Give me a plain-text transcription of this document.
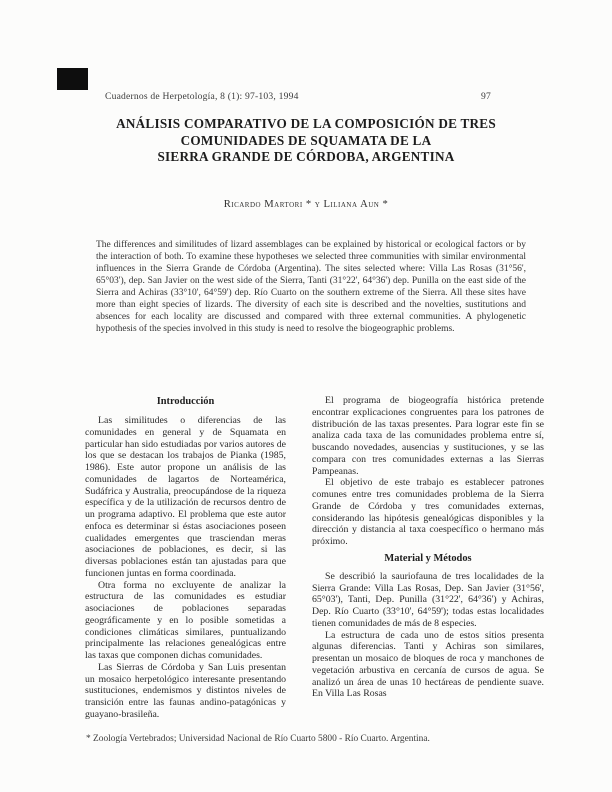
Cuadernos de Herpetología, 8 (1): 97-103, 1994	97
ANÁLISIS COMPARATIVO DE LA COMPOSICIÓN DE TRES
COMUNIDADES DE SQUAMATA DE LA
SIERRA GRANDE DE CÓRDOBA, ARGENTINA
Ricardo Martori * y Liliana Aun *
The differences and similitudes of lizard assemblages can be explained by historical or ecological factors or by the interaction of both. To examine these hypotheses we selected three communities with similar environmental influences in the Sierra Grande de Córdoba (Argentina). The sites selected where: Villa Las Rosas (31°56', 65°03'), dep. San Javier on the west side of the Sierra, Tanti (31°22', 64°36') dep. Punilla on the east side of the Sierra and Achiras (33°10', 64°59') dep. Río Cuarto on the southern extreme of the Sierra. All these sites have more than eight species of lizards. The diversity of each site is described and the novelties, sustitutions and absences for each locality are discussed and compared with three external communities. A phylogenetic hypothesis of the species involved in this study is need to resolve the biogeographic problems.
Introducción

Las similitudes o diferencias de las comunidades en general y de Squamata en particular han sido estudiadas por varios autores de los que se destacan los trabajos de Pianka (1985, 1986). Este autor propone un análisis de las comunidades de lagartos de Norteamérica, Sudáfrica y Australia, preocupándose de la riqueza específica y de la utilización de recursos dentro de un programa adaptivo. El problema que este autor enfoca es determinar si éstas asociaciones poseen cualidades emergentes que trasciendan meras asociaciones de poblaciones, es decir, si las diversas poblaciones están tan ajustadas para que funcionen juntas en forma coordinada.

Otra forma no excluyente de analizar la estructura de las comunidades es estudiar asociaciones de poblaciones separadas geográficamente y en lo posible sometidas a condiciones climáticas similares, puntualizando principalmente las relaciones genealógicas entre las taxas que componen dichas comunidades.

Las Sierras de Córdoba y San Luis presentan un mosaico herpetológico interesante presentando sustituciones, endemismos y distintos niveles de transición entre las faunas andino-patagónicas y guayano-brasileña.

El programa de biogeografía histórica pretende encontrar explicaciones congruentes para los patrones de distribución de las taxas presentes. Para lograr este fin se analiza cada taxa de las comunidades problema entre sí, buscando novedades, ausencias y sustituciones, y se las compara con tres comunidades externas a las Sierras Pampeanas.

El objetivo de este trabajo es establecer patrones comunes entre tres comunidades problema de la Sierra Grande de Córdoba y tres comunidades externas, considerando las hipótesis genealógicas disponibles y la dirección y distancia al taxa coespecífico o hermano más próximo.

Material y Métodos

Se describió la sauriofauna de tres localidades de la Sierra Grande: Villa Las Rosas, Dep. San Javier (31°56', 65°03'), Tanti, Dep. Punilla (31°22', 64°36') y Achiras, Dep. Río Cuarto (33°10', 64°59'); todas estas localidades tienen comunidades de más de 8 especies.

La estructura de cada uno de estos sitios presenta algunas diferencias. Tanti y Achiras son similares, presentan un mosaico de bloques de roca y manchones de vegetación arbustiva en cercanía de cursos de agua. Se analizó un área de unas 10 hectáreas de pendiente suave. En Villa Las Rosas

* Zoología Vertebrados; Universidad Nacional de Río Cuarto 5800 - Río Cuarto. Argentina.
